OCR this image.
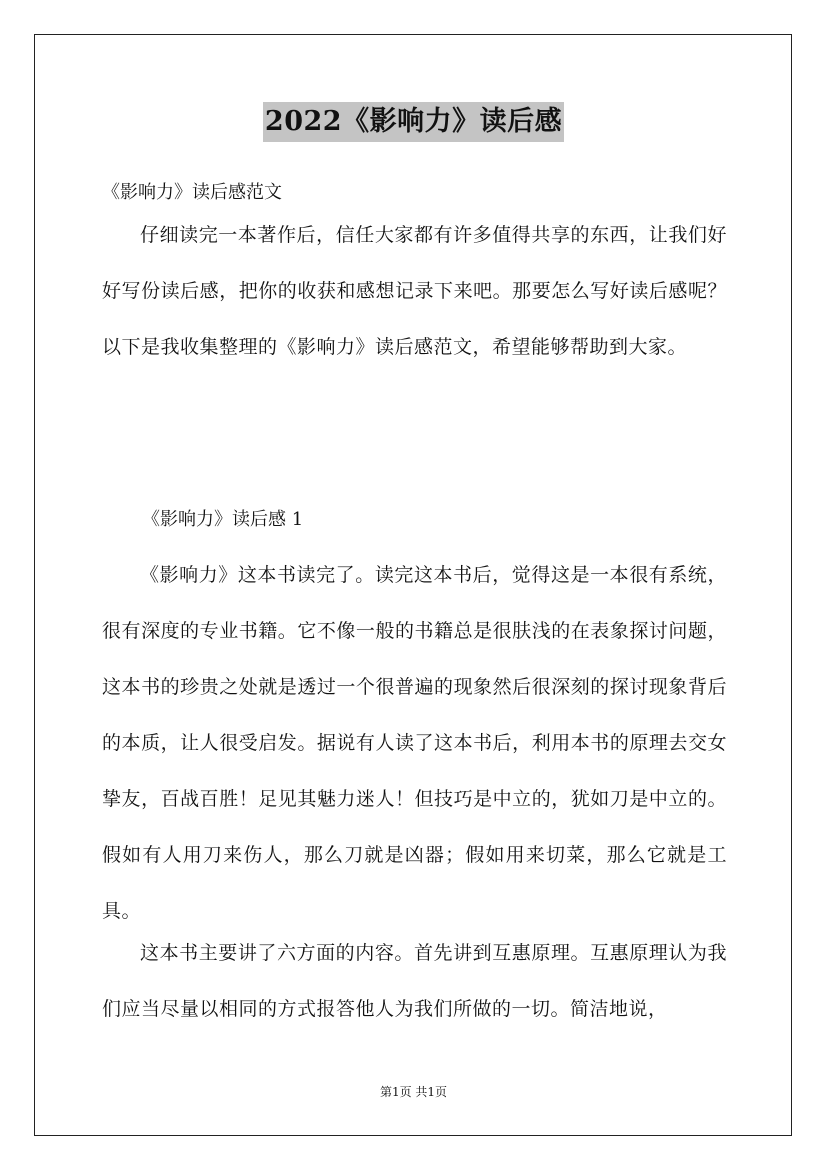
2022《影响力》读后感

《影响力》读后感范文

仔细读完一本著作后，信任大家都有许多值得共享的东西，让我们好好写份读后感，把你的收获和感想记录下来吧。那要怎么写好读后感呢？以下是我收集整理的《影响力》读后感范文，希望能够帮助到大家。

《影响力》读后感 1

《影响力》这本书读完了。读完这本书后，觉得这是一本很有系统，很有深度的专业书籍。它不像一般的书籍总是很肤浅的在表象探讨问题，这本书的珍贵之处就是透过一个很普遍的现象然后很深刻的探讨现象背后的本质，让人很受启发。据说有人读了这本书后，利用本书的原理去交女挚友，百战百胜！足见其魅力迷人！但技巧是中立的，犹如刀是中立的。假如有人用刀来伤人，那么刀就是凶器；假如用来切菜，那么它就是工具。

这本书主要讲了六方面的内容。首先讲到互惠原理。互惠原理认为我们应当尽量以相同的方式报答他人为我们所做的一切。简洁地说，

第1页 共1页
